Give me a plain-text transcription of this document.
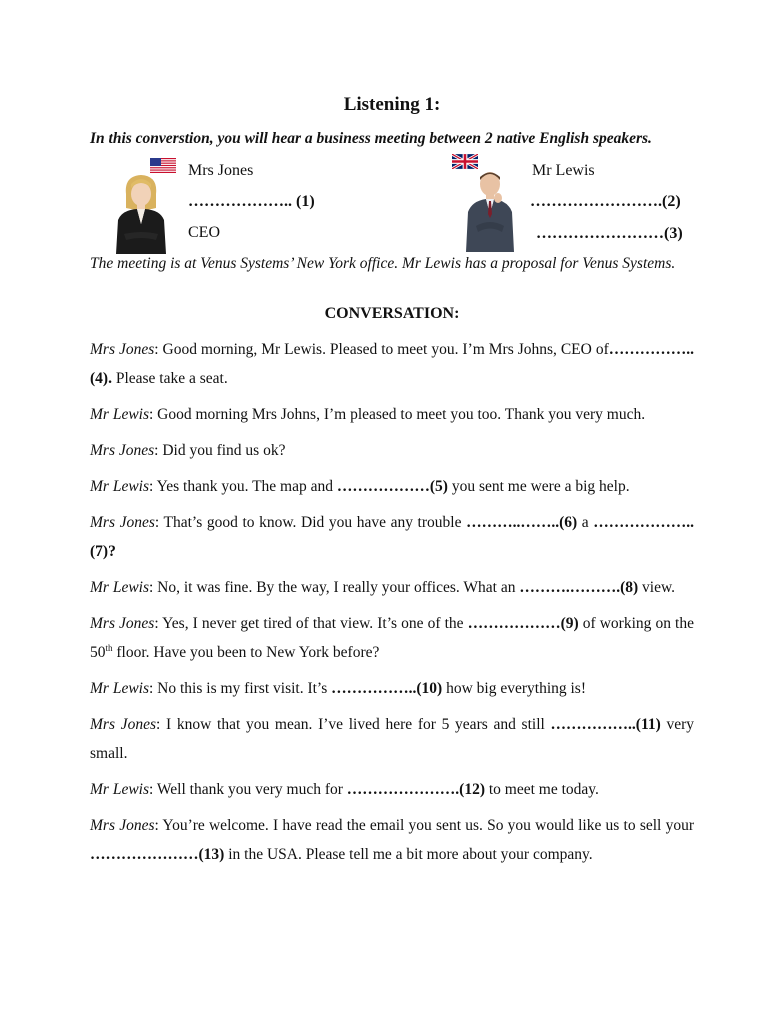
Listening 1:
In this converstion, you will hear a business meeting between 2 native English speakers.
Mrs Jones
……………….. (1)
CEO
Mr Lewis
…………………….(2)
……………………(3)
The meeting is at Venus Systems’ New York office. Mr Lewis has a proposal for Venus Systems.
CONVERSATION:

Mrs Jones: Good morning, Mr Lewis. Pleased to meet you. I’m Mrs Johns, CEO of……………..(4). Please take a seat.

Mr Lewis: Good morning Mrs Johns, I’m pleased to meet you too. Thank you very much.

Mrs Jones: Did you find us ok?

Mr Lewis: Yes thank you. The map and ………………(5) you sent me were a big help.

Mrs Jones: That’s good to know. Did you have any trouble ………..……..(6) a ………………..(7)?

Mr Lewis: No, it was fine. By the way, I really your offices. What an ……….……….(8) view.

Mrs Jones: Yes, I never get tired of that view. It’s one of the ………………(9) of working on the 50th floor. Have you been to New York before?

Mr Lewis: No this is my first visit. It’s ……………..(10) how big everything is!

Mrs Jones: I know that you mean. I’ve lived here for 5 years and still ……………..(11) very small.

Mr Lewis: Well thank you very much for ………………….(12) to meet me today.

Mrs Jones: You’re welcome. I have read the email you sent us. So you would like us to sell your …………………(13) in the USA. Please tell me a bit more about your company.
